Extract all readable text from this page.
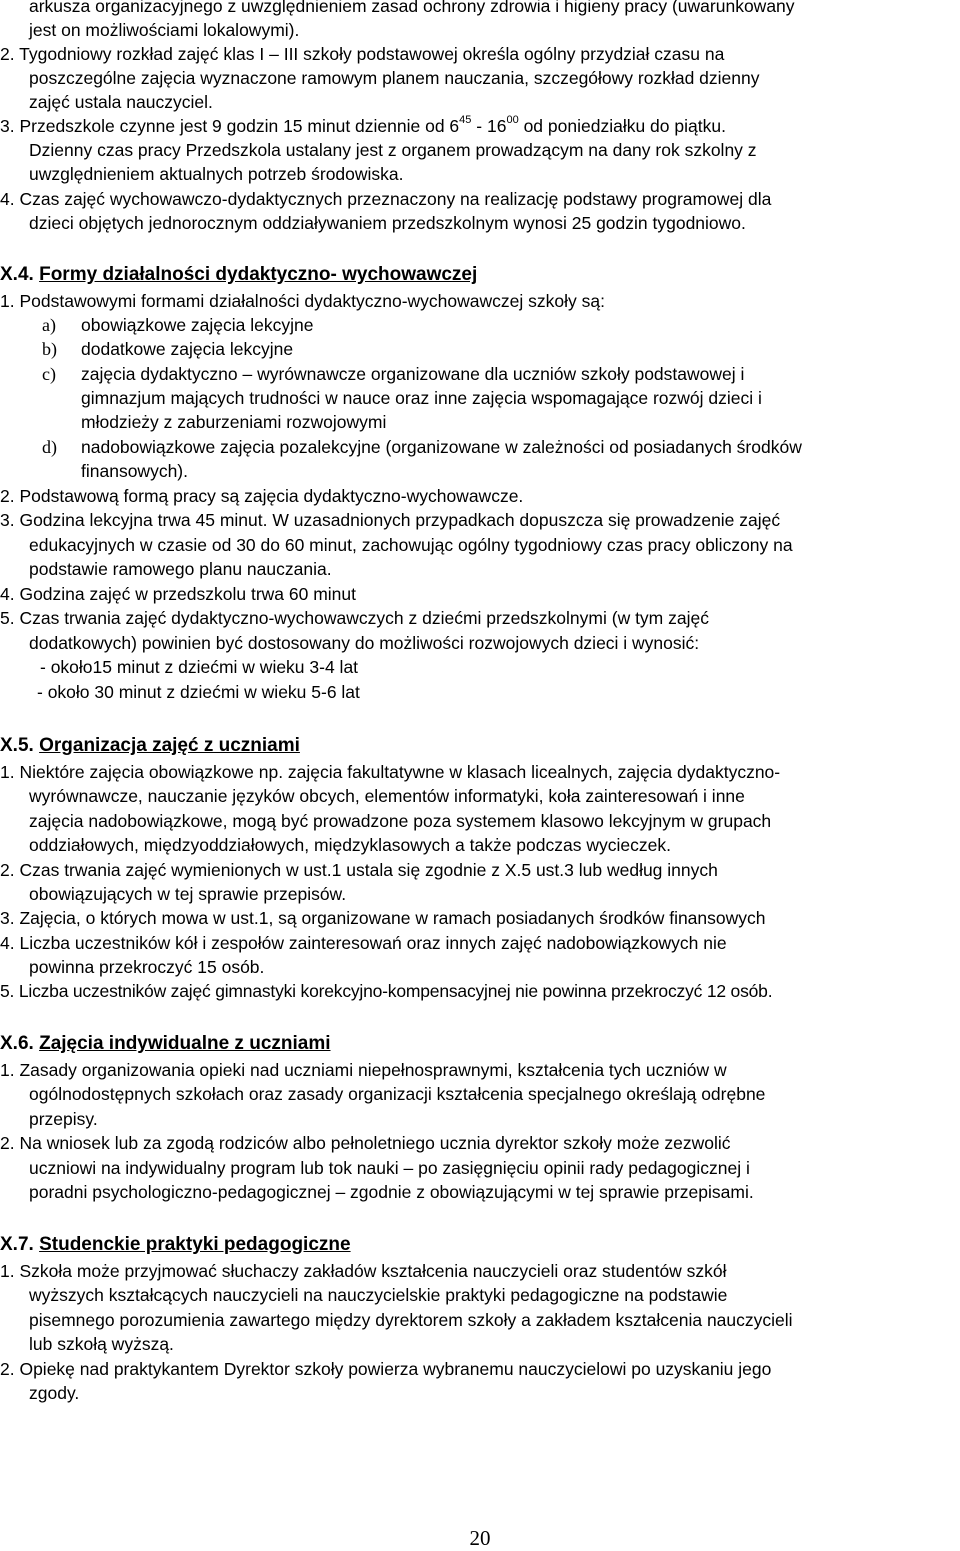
arkusza organizacyjnego z uwzględnieniem zasad ochrony zdrowia i higieny pracy (uwarunkowany
jest on możliwościami lokalowymi).
2. Tygodniowy rozkład zajęć klas I – III szkoły podstawowej określa ogólny przydział czasu na
poszczególne zajęcia wyznaczone ramowym planem nauczania, szczegółowy rozkład dzienny
zajęć ustala nauczyciel.
3. Przedszkole czynne jest 9 godzin 15 minut dziennie od $6^{45} - 16^{00}$ od poniedziałku do piątku.
Dzienny czas pracy Przedszkola ustalany jest z organem prowadzącym na dany rok szkolny z
uwzględnieniem aktualnych potrzeb środowiska.
4. Czas zajęć wychowawczo-dydaktycznych przeznaczony na realizację podstawy programowej dla
dzieci objętych jednorocznym oddziaływaniem przedszkolnym wynosi 25 godzin tygodniowo.
X.4. Formy działalności dydaktyczno- wychowawczej
1. Podstawowymi formami działalności dydaktyczno-wychowawczej szkoły są:
a) obowiązkowe zajęcia lekcyjne
b) dodatkowe zajęcia lekcyjne
c) zajęcia dydaktyczno – wyrównawcze organizowane dla uczniów szkoły podstawowej i
gimnazjum mających trudności w nauce oraz inne zajęcia wspomagające rozwój dzieci i
młodzieży z zaburzeniami rozwojowymi
d) nadobowiązkowe zajęcia pozalekcyjne (organizowane w zależności od posiadanych środków
finansowych).
2. Podstawową formą pracy są zajęcia dydaktyczno-wychowawcze.
3. Godzina lekcyjna trwa 45 minut. W uzasadnionych przypadkach dopuszcza się prowadzenie zajęć
edukacyjnych w czasie od 30 do 60 minut, zachowując ogólny tygodniowy czas pracy obliczony na
podstawie ramowego planu nauczania.
4. Godzina zajęć w przedszkolu trwa 60 minut
5. Czas trwania zajęć dydaktyczno-wychowawczych z dziećmi przedszkolnymi (w tym zajęć
dodatkowych) powinien być dostosowany do możliwości rozwojowych dzieci i wynosić:
- około15 minut z dziećmi w wieku 3-4 lat
- około 30 minut z dziećmi w wieku 5-6 lat
X.5. Organizacja zajęć z uczniami
1. Niektóre zajęcia obowiązkowe np. zajęcia fakultatywne w klasach licealnych, zajęcia dydaktyczno-
wyrównawcze, nauczanie języków obcych, elementów informatyki, koła zainteresowań i inne
zajęcia nadobowiązkowe, mogą być prowadzone poza systemem klasowo lekcyjnym w grupach
oddziałowych, międzyoddziałowych, międzyklasowych a także podczas wycieczek.
2. Czas trwania zajęć wymienionych w ust.1 ustala się zgodnie z X.5 ust.3 lub według innych
obowiązujących w tej sprawie przepisów.
3. Zajęcia, o których mowa w ust.1, są organizowane w ramach posiadanych środków finansowych
4. Liczba uczestników kół i zespołów zainteresowań oraz innych zajęć nadobowiązkowych nie
powinna przekroczyć 15 osób.
5. Liczba uczestników zajęć gimnastyki korekcyjno-kompensacyjnej nie powinna przekroczyć 12 osób.
X.6. Zajęcia indywidualne z uczniami
1. Zasady organizowania opieki nad uczniami niepełnosprawnymi, kształcenia tych uczniów w
ogólnodostępnych szkołach oraz zasady organizacji kształcenia specjalnego określają odrębne
przepisy.
2. Na wniosek lub za zgodą rodziców albo pełnoletniego ucznia dyrektor szkoły może zezwolić
uczniowi na indywidualny program lub tok nauki – po zasięgnięciu opinii rady pedagogicznej i
poradni psychologiczno-pedagogicznej – zgodnie z obowiązującymi w tej sprawie przepisami.
X.7. Studenckie praktyki pedagogiczne
1. Szkoła może przyjmować słuchaczy zakładów kształcenia nauczycieli oraz studentów szkół
wyższych kształcących nauczycieli na nauczycielskie praktyki pedagogiczne na podstawie
pisemnego porozumienia zawartego między dyrektorem szkoły a zakładem kształcenia nauczycieli
lub szkołą wyższą.
2. Opiekę nad praktykantem Dyrektor szkoły powierza wybranemu nauczycielowi po uzyskaniu jego
zgody.
20
